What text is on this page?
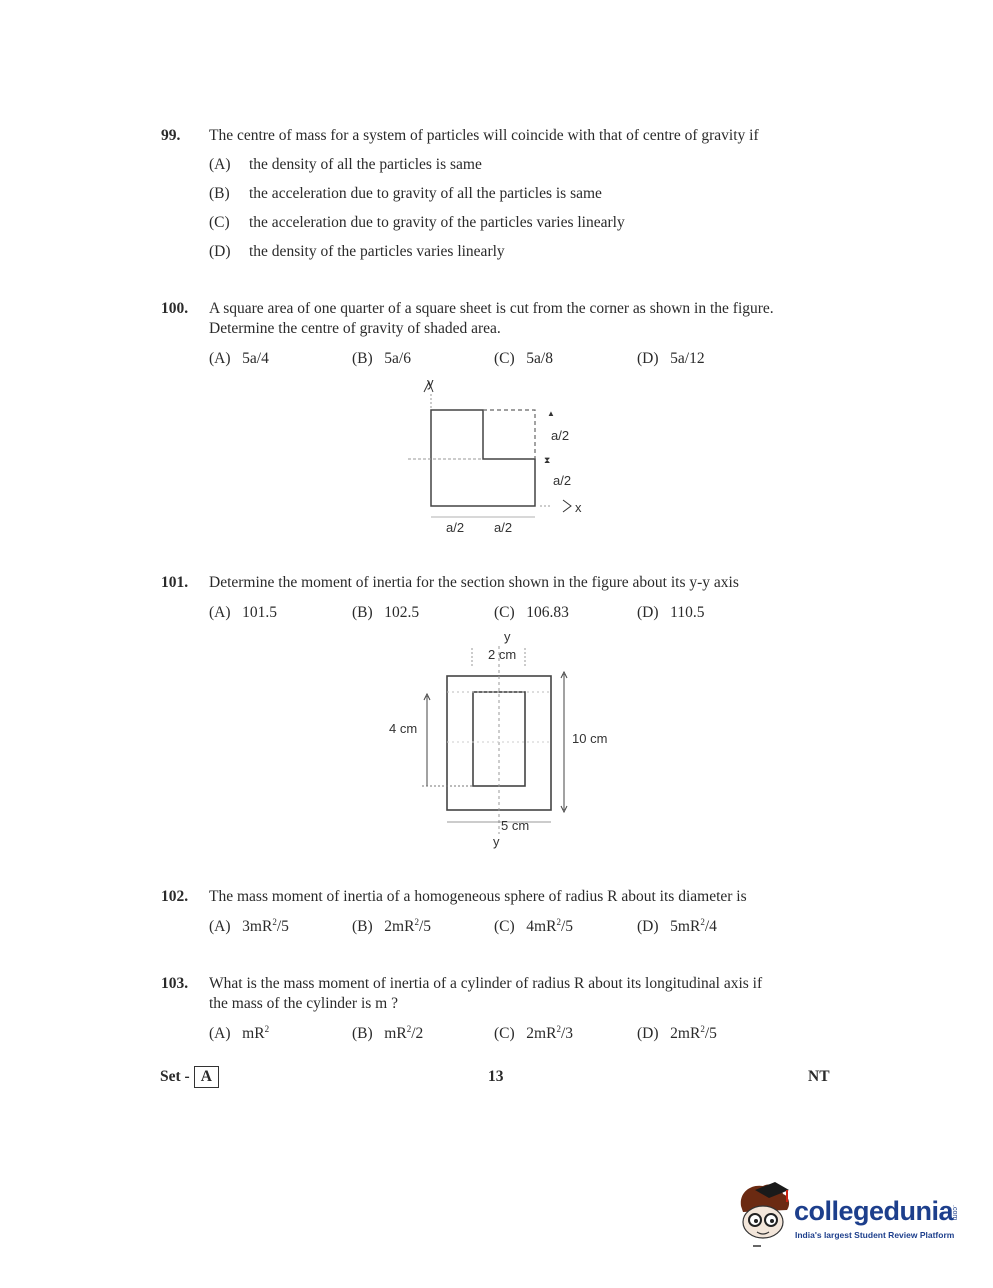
99. The centre of mass for a system of particles will coincide with that of centre of gravity if
(A) the density of all the particles is same
(B) the acceleration due to gravity of all the particles is same
(C) the acceleration due to gravity of the particles varies linearly
(D) the density of the particles varies linearly
100. A square area of one quarter of a square sheet is cut from the corner as shown in the figure.
Determine the centre of gravity of shaded area.
(A) 5a/4	(B) 5a/6	(C) 5a/8	(D) 5a/12
y
▲
⧗
a/2
a/2
x
a/2 a/2
101. Determine the moment of inertia for the section shown in the figure about its y-y axis
(A) 101.5	(B) 102.5	(C) 106.83	(D) 110.5
y
2 cm
4 cm
10 cm
5 cm
y
102. The mass moment of inertia of a homogeneous sphere of radius R about its diameter is
(A) $3mR^2/5$	(B) $2mR^2/5$	(C) $4mR^2/5$	(D) $5mR^2/4$
103. What is the mass moment of inertia of a cylinder of radius R about its longitudinal axis if
the mass of the cylinder is m ?
(A) $mR^2$	(B) $mR^2/2$	(C) $2mR^2/3$	(D) $2mR^2/5$
Set - A	13	NT
collegedunia
.com
India's largest Student Review Platform
